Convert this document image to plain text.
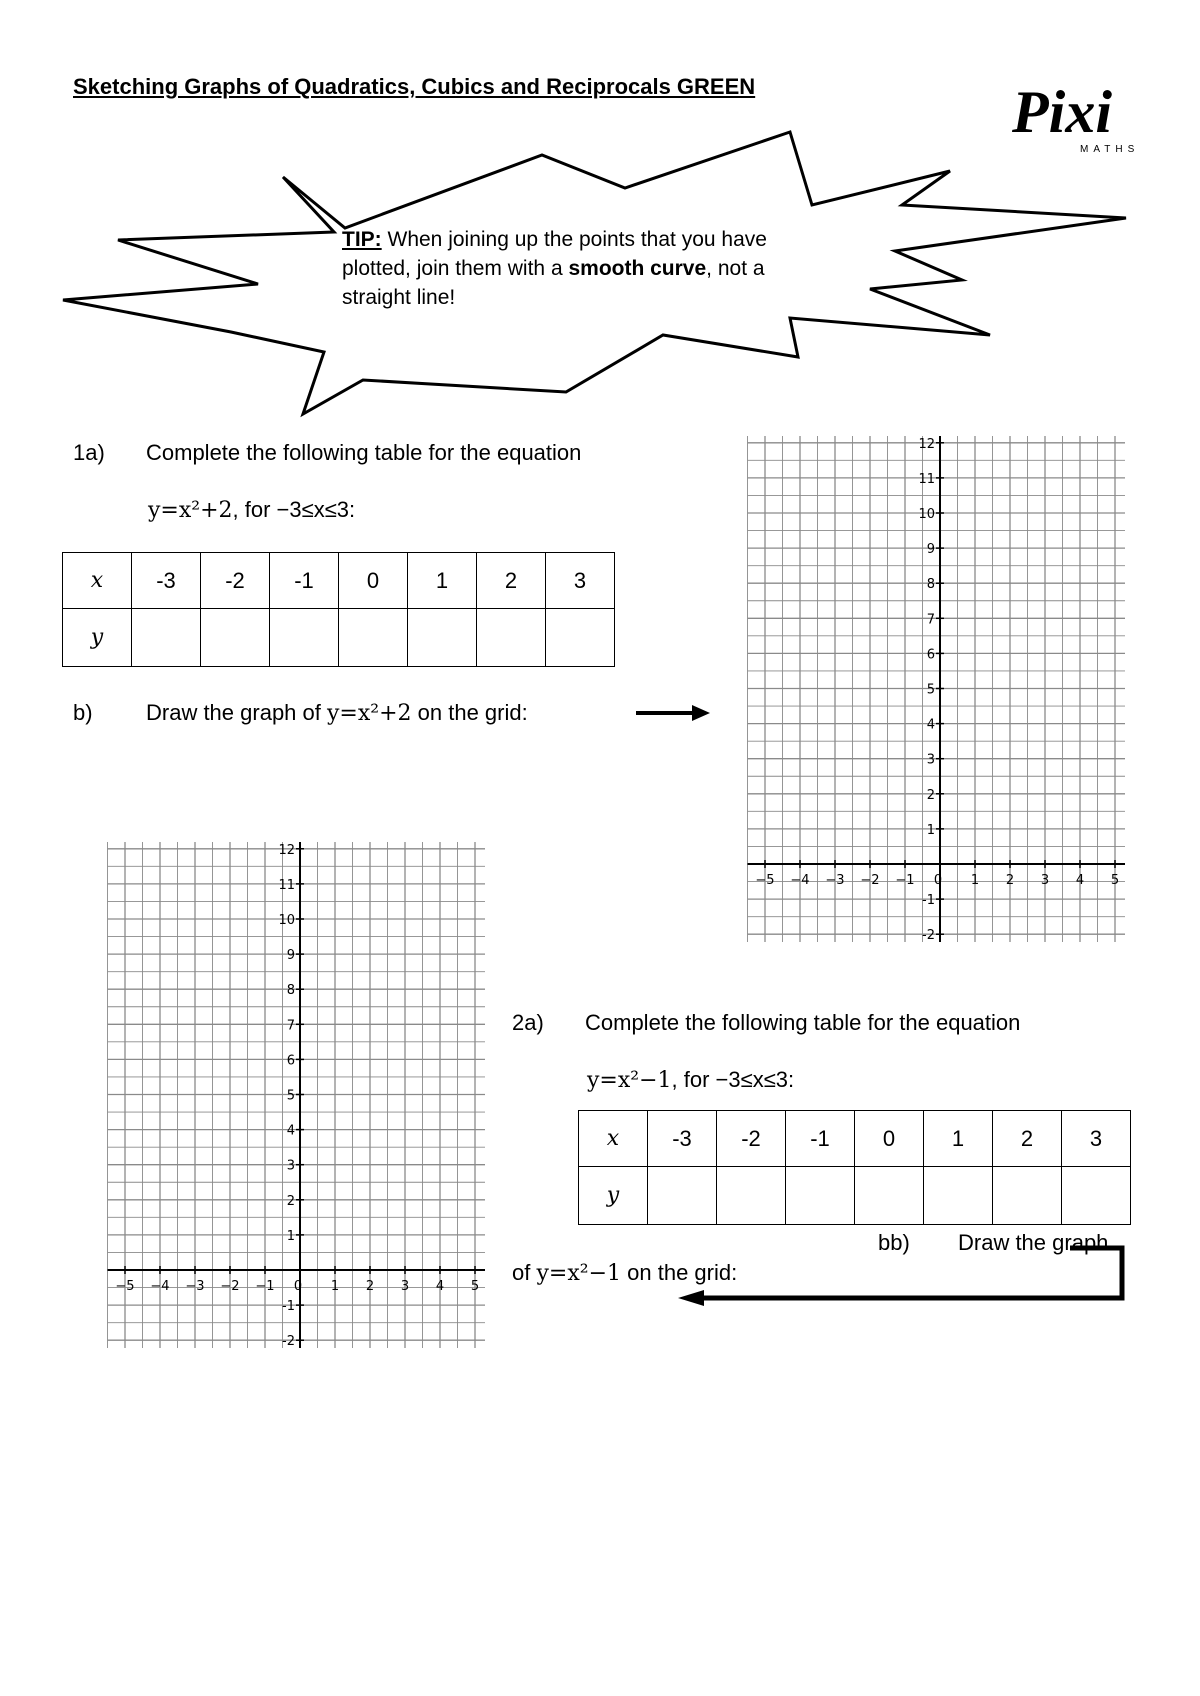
Sketching Graphs of Quadratics, Cubics and Reciprocals GREEN	Pixi
MATHS
TIP: When joining up the points that you have plotted, join them with a smooth curve, not a straight line!
1a) Complete the following table for the equation
y=x²+2, for −3≤x≤3:
x	-3	-2	-1	0	1	2	3
y							
b) Draw the graph of y=x²+2 on the grid:
−5 −4 −3 −2 −1 0 1 2 3 4 5
12
11
10
9
8
7
6
5
4
3
2
1
-1
-2
−5 −4 −3 −2 −1 0 1 2 3 4 5
12
11
10
9
8
7
6
5
4
3
2
1
-1
-2
2a) Complete the following table for the equation
y=x²−1, for −3≤x≤3:
x	-3	-2	-1	0	1	2	3
y							
bb) Draw the graph
of y=x²−1 on the grid:
